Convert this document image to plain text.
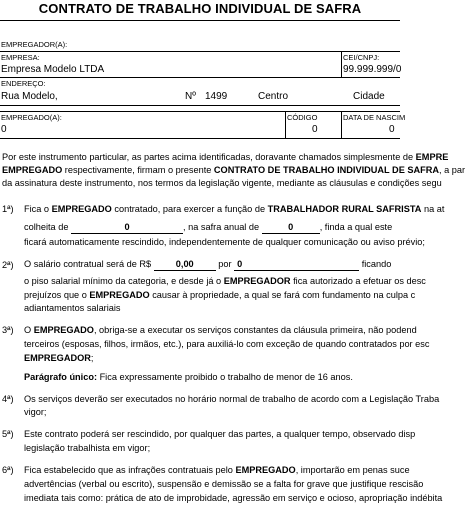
CONTRATO DE TRABALHO INDIVIDUAL DE SAFRA
EMPREGADOR(A):
EMPRESA:
Empresa Modelo LTDA
CEI/CNPJ:
99.999.999/0
ENDEREÇO:
Rua Modelo,	Nº 1499	Centro	Cidade
EMPREGADO(A):
0
CÓDIGO
0
DATA DE NASCIM
0
Por este instrumento particular, as partes acima identificadas, doravante chamados simplesmente de EMPRE
EMPREGADO respectivamente, firmam o presente CONTRATO DE TRABALHO INDIVIDUAL DE SAFRA, a par
da assinatura deste instrumento, nos termos da legislação vigente, mediante as cláusulas e condições segu
1ª) Fica o EMPREGADO contratado, para exercer a função de TRABALHADOR RURAL SAFRISTA na at
colheita de	0	, na safra anual de	0	, finda a qual este
ficará automaticamente rescindido, independentemente de qualquer comunicação ou aviso prévio;
2ª) O salário contratual será de R$	0,00	por 0	ficando
o piso salarial mínimo da categoria, e desde já o EMPREGADOR fica autorizado a efetuar os desc
prejuízos que o EMPREGADO causar à propriedade, a qual se fará com fundamento na culpa c
adiantamentos salariais
3ª) O EMPREGADO, obriga-se a executar os serviços constantes da cláusula primeira, não podend
terceiros (esposas, filhos, irmãos, etc.), para auxiliá-lo com exceção de quando contratados por esc
EMPREGADOR;
Parágrafo único: Fica expressamente proibido o trabalho de menor de 16 anos.
4ª) Os serviços deverão ser executados no horário normal de trabalho de acordo com a Legislação Traba
vigor;
5ª) Este contrato poderá ser rescindido, por qualquer das partes, a qualquer tempo, observado disp
legislação trabalhista em vigor;
6ª) Fica estabelecido que as infrações contratuais pelo EMPREGADO, importarão em penas suce
advertências (verbal ou escrito), suspensão e demissão se a falta for grave que justifique rescisão
imediata tais como: prática de ato de improbidade, agressão em serviço e ocioso, apropriação indébita
